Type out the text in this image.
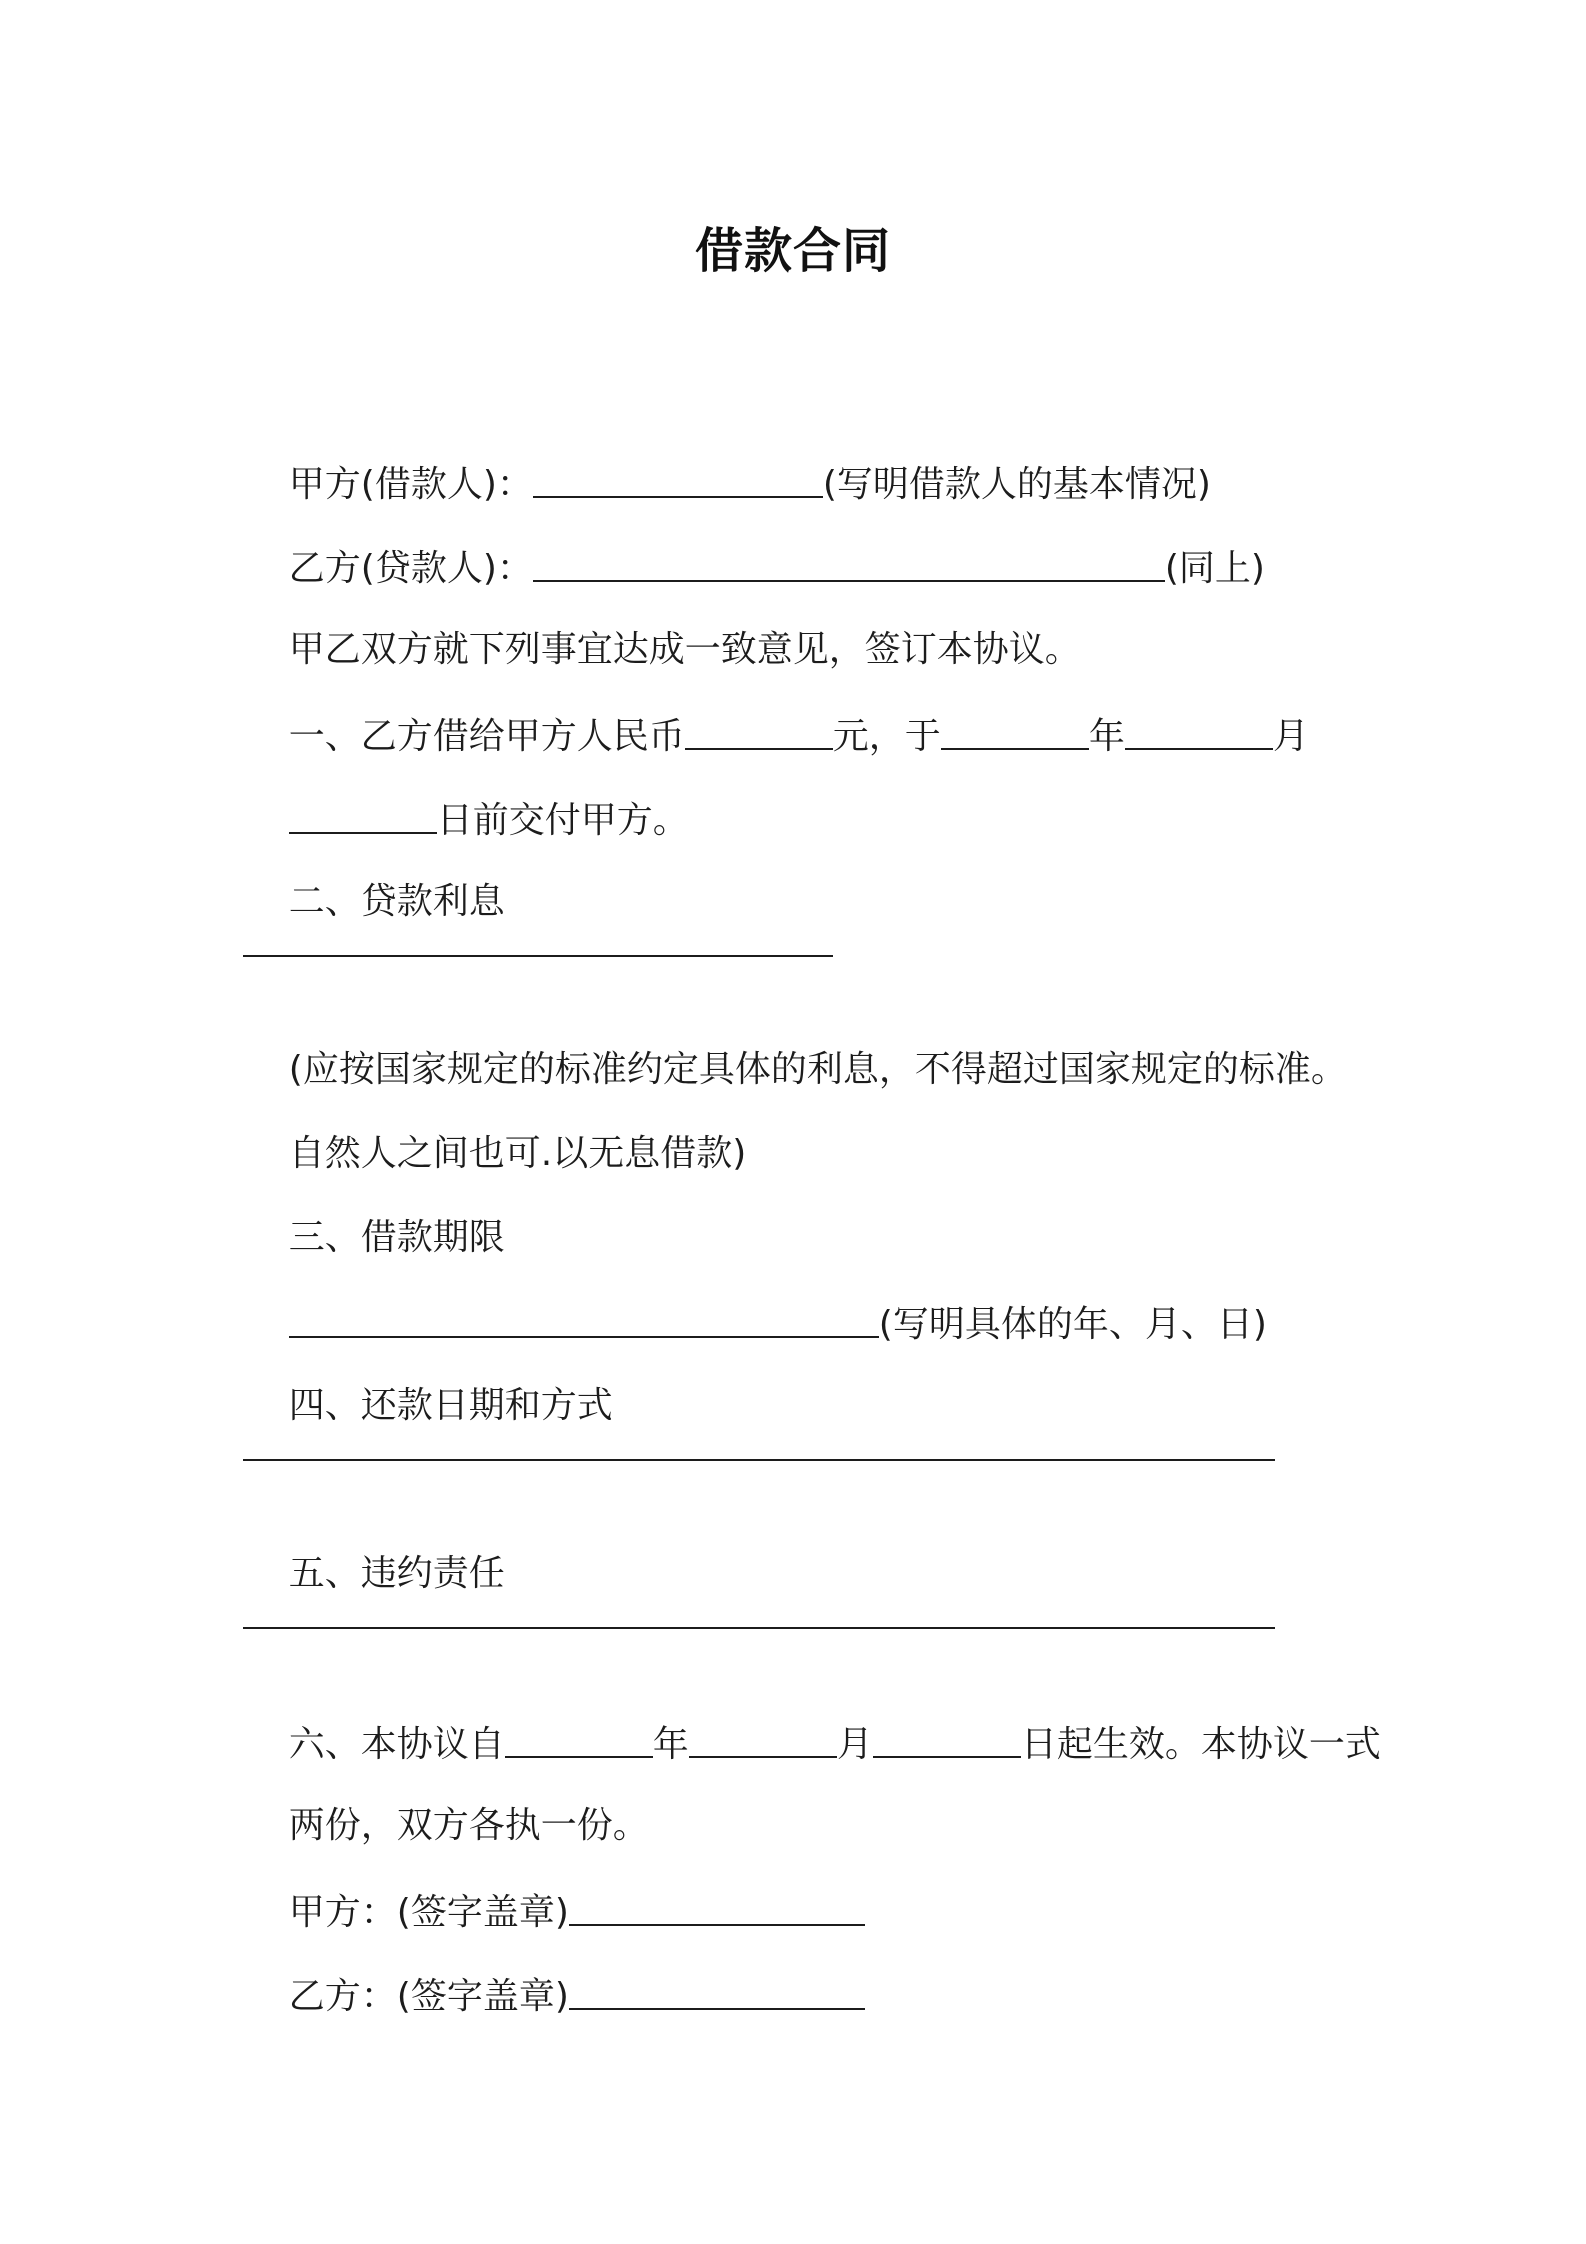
借款合同

甲方(借款人)：	(写明借款人的基本情况)

乙方(贷款人)：	(同上)

甲乙双方就下列事宜达成一致意见，签订本协议。

一、乙方借给甲方人民币	元，于	年	月

日前交付甲方。

二、贷款利息

(应按国家规定的标准约定具体的利息，不得超过国家规定的标准。

自然人之间也可.以无息借款)

三、借款期限

(写明具体的年、月、日)

四、还款日期和方式

五、违约责任

六、本协议自	年	月	日起生效。本协议一式

两份，双方各执一份。

甲方：(签字盖章)

乙方：(签字盖章)
